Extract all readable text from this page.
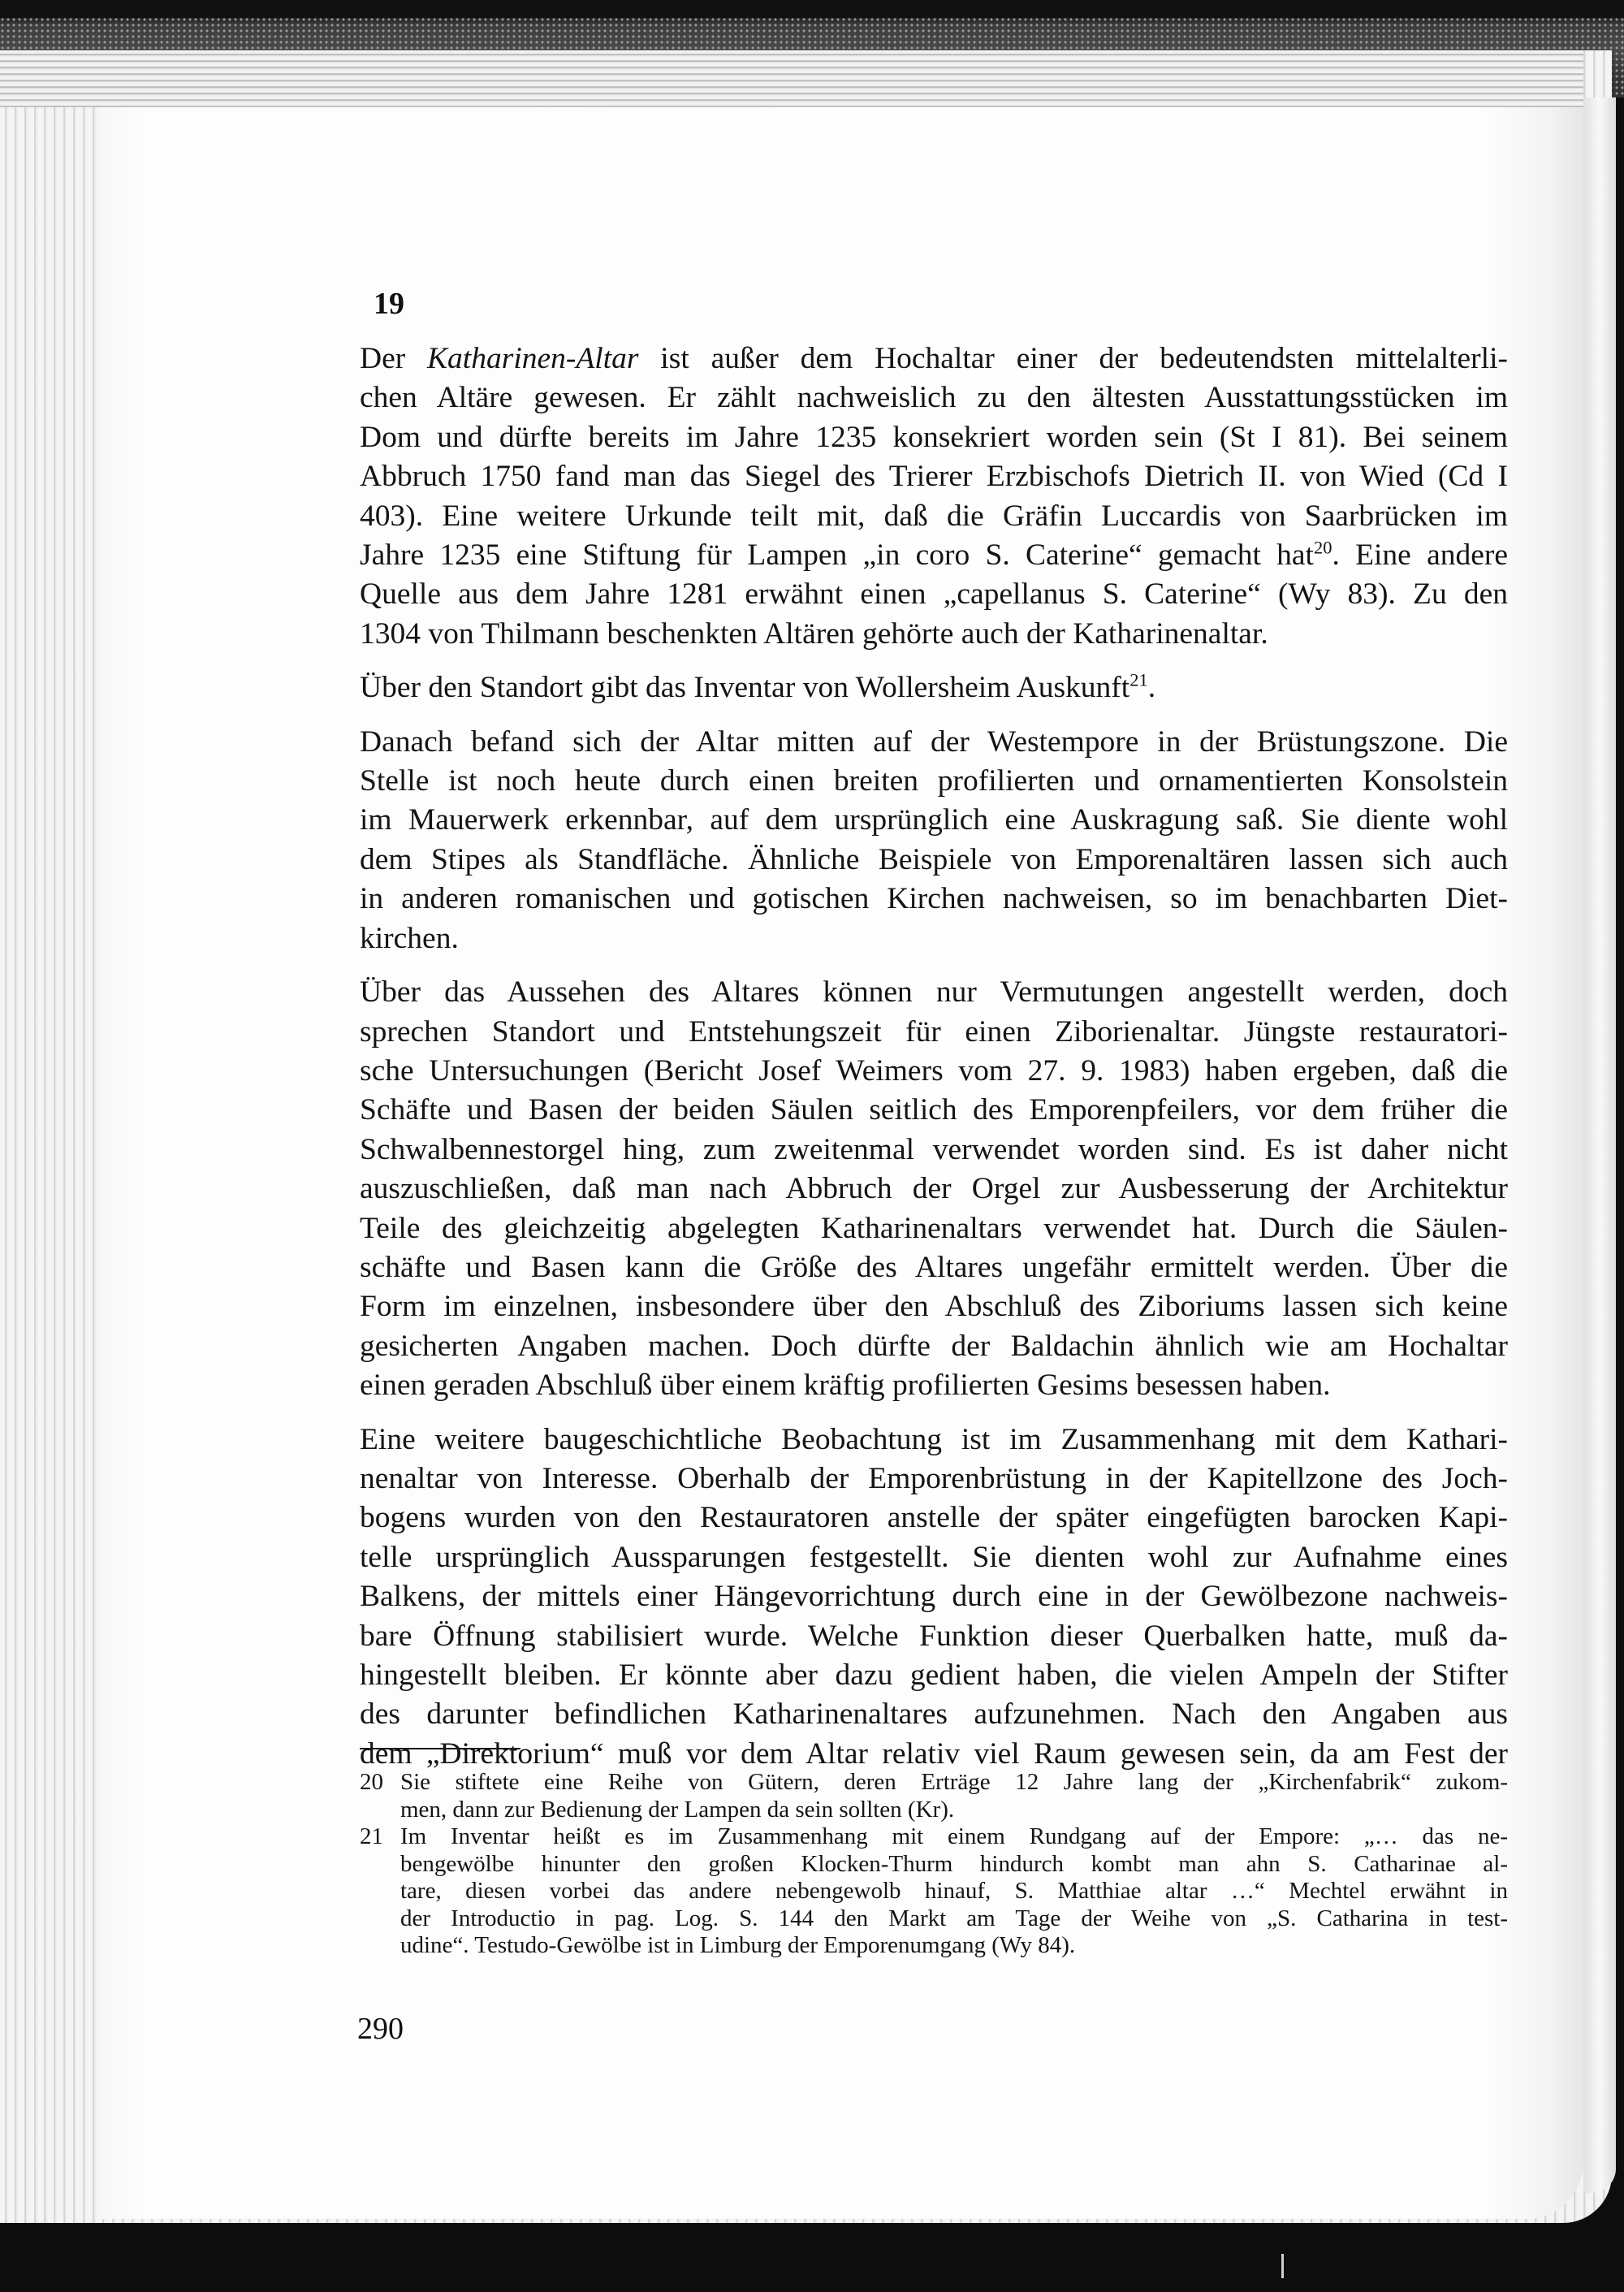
19

Der Katharinen-Altar ist außer dem Hochaltar einer der bedeutendsten mittelalterli-
chen Altäre gewesen. Er zählt nachweislich zu den ältesten Ausstattungsstücken im
Dom und dürfte bereits im Jahre 1235 konsekriert worden sein (St I 81). Bei seinem
Abbruch 1750 fand man das Siegel des Trierer Erzbischofs Dietrich II. von Wied (Cd I
403). Eine weitere Urkunde teilt mit, daß die Gräfin Luccardis von Saarbrücken im
Jahre 1235 eine Stiftung für Lampen „in coro S. Caterine“ gemacht hat$^{20}$. Eine andere
Quelle aus dem Jahre 1281 erwähnt einen „capellanus S. Caterine“ (Wy 83). Zu den
1304 von Thilmann beschenkten Altären gehörte auch der Katharinenaltar.

Über den Standort gibt das Inventar von Wollersheim Auskunft$^{21}$.

Danach befand sich der Altar mitten auf der Westempore in der Brüstungszone. Die
Stelle ist noch heute durch einen breiten profilierten und ornamentierten Konsolstein
im Mauerwerk erkennbar, auf dem ursprünglich eine Auskragung saß. Sie diente wohl
dem Stipes als Standfläche. Ähnliche Beispiele von Emporenaltären lassen sich auch
in anderen romanischen und gotischen Kirchen nachweisen, so im benachbarten Diet-
kirchen.

Über das Aussehen des Altares können nur Vermutungen angestellt werden, doch
sprechen Standort und Entstehungszeit für einen Ziborienaltar. Jüngste restauratori-
sche Untersuchungen (Bericht Josef Weimers vom 27. 9. 1983) haben ergeben, daß die
Schäfte und Basen der beiden Säulen seitlich des Emporenpfeilers, vor dem früher die
Schwalbennestorgel hing, zum zweitenmal verwendet worden sind. Es ist daher nicht
auszuschließen, daß man nach Abbruch der Orgel zur Ausbesserung der Architektur
Teile des gleichzeitig abgelegten Katharinenaltars verwendet hat. Durch die Säulen-
schäfte und Basen kann die Größe des Altares ungefähr ermittelt werden. Über die
Form im einzelnen, insbesondere über den Abschluß des Ziboriums lassen sich keine
gesicherten Angaben machen. Doch dürfte der Baldachin ähnlich wie am Hochaltar
einen geraden Abschluß über einem kräftig profilierten Gesims besessen haben.

Eine weitere baugeschichtliche Beobachtung ist im Zusammenhang mit dem Kathari-
nenaltar von Interesse. Oberhalb der Emporenbrüstung in der Kapitellzone des Joch-
bogens wurden von den Restauratoren anstelle der später eingefügten barocken Kapi-
telle ursprünglich Aussparungen festgestellt. Sie dienten wohl zur Aufnahme eines
Balkens, der mittels einer Hängevorrichtung durch eine in der Gewölbezone nachweis-
bare Öffnung stabilisiert wurde. Welche Funktion dieser Querbalken hatte, muß da-
hingestellt bleiben. Er könnte aber dazu gedient haben, die vielen Ampeln der Stifter
des darunter befindlichen Katharinenaltares aufzunehmen. Nach den Angaben aus
dem „Direktorium“ muß vor dem Altar relativ viel Raum gewesen sein, da am Fest der

20 Sie stiftete eine Reihe von Gütern, deren Erträge 12 Jahre lang der „Kirchenfabrik“ zukom-
men, dann zur Bedienung der Lampen da sein sollten (Kr).
21 Im Inventar heißt es im Zusammenhang mit einem Rundgang auf der Empore: „… das ne-
bengewölbe hinunter den großen Klocken-Thurm hindurch kombt man ahn S. Catharinae al-
tare, diesen vorbei das andere nebengewolb hinauf, S. Matthiae altar …“ Mechtel erwähnt in
der Introductio in pag. Log. S. 144 den Markt am Tage der Weihe von „S. Catharina in test-
udine“. Testudo-Gewölbe ist in Limburg der Emporenumgang (Wy 84).
290
